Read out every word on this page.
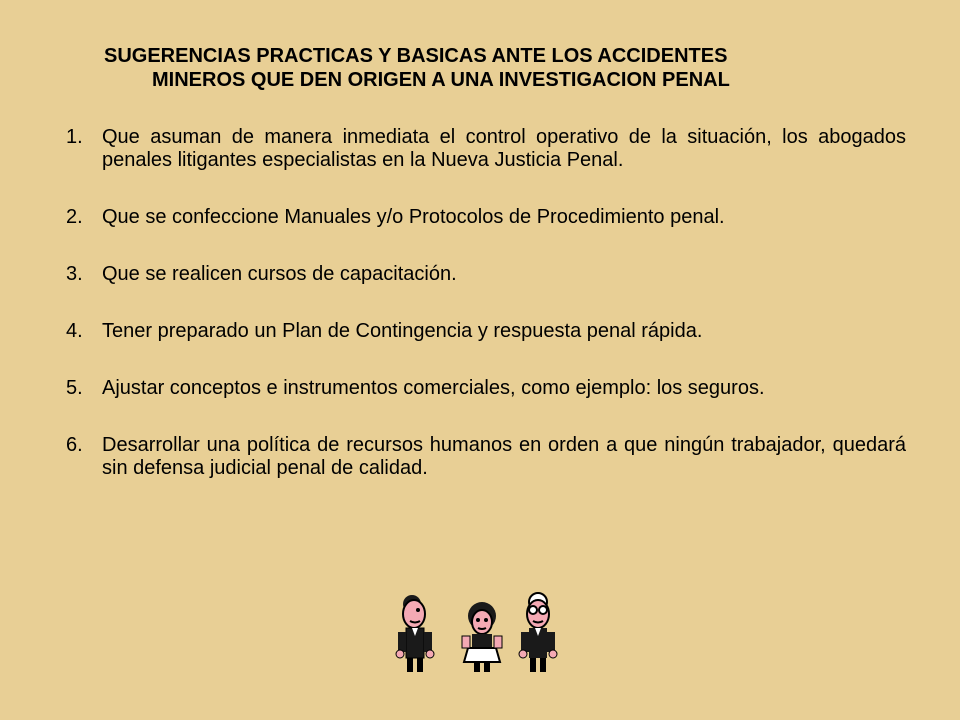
SUGERENCIAS PRACTICAS Y BASICAS ANTE LOS ACCIDENTES
MINEROS QUE DEN ORIGEN A UNA INVESTIGACION PENAL
1. Que asuman de manera inmediata el control operativo de la situación, los abogados penales litigantes especialistas en la Nueva Justicia Penal.
2. Que se confeccione Manuales y/o Protocolos de Procedimiento penal.
3. Que se realicen cursos de capacitación.
4. Tener preparado un Plan de Contingencia y respuesta penal rápida.
5. Ajustar conceptos e instrumentos comerciales, como ejemplo: los seguros.
6. Desarrollar una política de recursos humanos en orden a que ningún trabajador, quedará sin defensa judicial penal de calidad.
